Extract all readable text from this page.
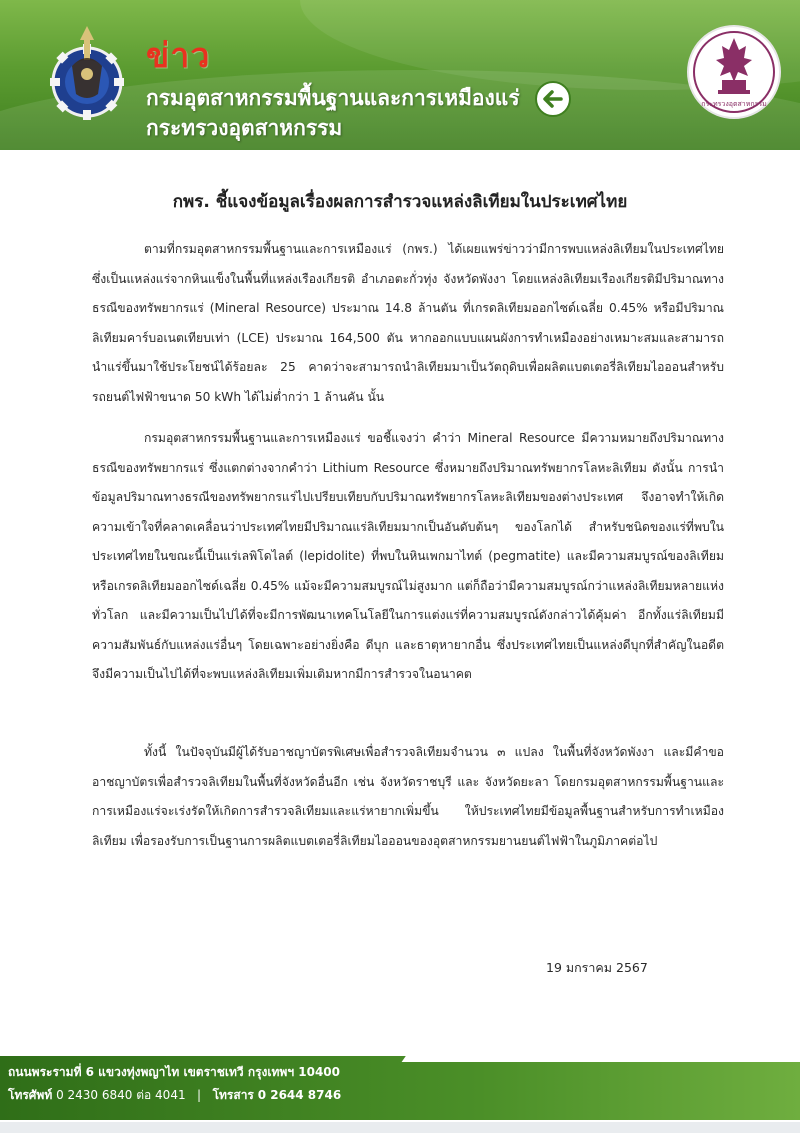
ข่าว
กรมอุตสาหกรรมพื้นฐานและการเหมืองแร่
กระทรวงอุตสาหกรรม
กระทรวงอุตสาหกรรม
กพร. ชี้แจงข้อมูลเรื่องผลการสำรวจแหล่งลิเทียมในประเทศไทย

ตามที่กรมอุตสาหกรรมพื้นฐานและการเหมืองแร่ (กพร.) ได้เผยแพร่ข่าวว่ามีการพบแหล่งลิเทียมในประเทศไทย ซึ่งเป็นแหล่งแร่จากหินแข็งในพื้นที่แหล่งเรืองเกียรติ อำเภอตะกั่วทุ่ง จังหวัดพังงา โดยแหล่งลิเทียมเรืองเกียรติมีปริมาณทางธรณีของทรัพยากรแร่ (Mineral Resource) ประมาณ 14.8 ล้านตัน ที่เกรดลิเทียมออกไซด์เฉลี่ย 0.45% หรือมีปริมาณลิเทียมคาร์บอเนตเทียบเท่า (LCE) ประมาณ 164,500 ตัน หากออกแบบแผนผังการทำเหมืองอย่างเหมาะสมและสามารถนำแร่ขึ้นมาใช้ประโยชน์ได้ร้อยละ 25 คาดว่าจะสามารถนำลิเทียมมาเป็นวัตถุดิบเพื่อผลิตแบตเตอรี่ลิเทียมไอออนสำหรับรถยนต์ไฟฟ้าขนาด 50 kWh ได้ไม่ต่ำกว่า 1 ล้านคัน นั้น

กรมอุตสาหกรรมพื้นฐานและการเหมืองแร่ ขอชี้แจงว่า คำว่า Mineral Resource มีความหมายถึงปริมาณทางธรณีของทรัพยากรแร่ ซึ่งแตกต่างจากคำว่า Lithium Resource ซึ่งหมายถึงปริมาณทรัพยากรโลหะลิเทียม ดังนั้น การนำข้อมูลปริมาณทางธรณีของทรัพยากรแร่ไปเปรียบเทียบกับปริมาณทรัพยากรโลหะลิเทียมของต่างประเทศ จึงอาจทำให้เกิดความเข้าใจที่คลาดเคลื่อนว่าประเทศไทยมีปริมาณแร่ลิเทียมมากเป็นอันดับต้นๆ ของโลกได้ สำหรับชนิดของแร่ที่พบในประเทศไทยในขณะนี้เป็นแร่เลพิโดไลต์ (lepidolite) ที่พบในหินเพกมาไทต์ (pegmatite) และมีความสมบูรณ์ของลิเทียมหรือเกรดลิเทียมออกไซด์เฉลี่ย 0.45% แม้จะมีความสมบูรณ์ไม่สูงมาก แต่ก็ถือว่ามีความสมบูรณ์กว่าแหล่งลิเทียมหลายแห่งทั่วโลก และมีความเป็นไปได้ที่จะมีการพัฒนาเทคโนโลยีในการแต่งแร่ที่ความสมบูรณ์ดังกล่าวได้คุ้มค่า อีกทั้งแร่ลิเทียมมีความสัมพันธ์กับแหล่งแร่อื่นๆ โดยเฉพาะอย่างยิ่งคือ ดีบุก และธาตุหายากอื่น ซึ่งประเทศไทยเป็นแหล่งดีบุกที่สำคัญในอดีต จึงมีความเป็นไปได้ที่จะพบแหล่งลิเทียมเพิ่มเติมหากมีการสำรวจในอนาคต

ทั้งนี้ ในปัจจุบันมีผู้ได้รับอาชญาบัตรพิเศษเพื่อสำรวจลิเทียมจำนวน ๓ แปลง ในพื้นที่จังหวัดพังงา และมีคำขออาชญาบัตรเพื่อสำรวจลิเทียมในพื้นที่จังหวัดอื่นอีก เช่น จังหวัดราชบุรี และ จังหวัดยะลา โดยกรมอุตสาหกรรมพื้นฐานและการเหมืองแร่จะเร่งรัดให้เกิดการสำรวจลิเทียมและแร่หายากเพิ่มขึ้น ให้ประเทศไทยมีข้อมูลพื้นฐานสำหรับการทำเหมืองลิเทียม เพื่อรองรับการเป็นฐานการผลิตแบตเตอรี่ลิเทียมไอออนของอุตสาหกรรมยานยนต์ไฟฟ้าในภูมิภาคต่อไป

19 มกราคม 2567
ถนนพระรามที่ 6 แขวงทุ่งพญาไท เขตราชเทวี กรุงเทพฯ 10400
โทรศัพท์ 0 2430 6840 ต่อ 4041   |   โทรสาร 0 2644 8746
